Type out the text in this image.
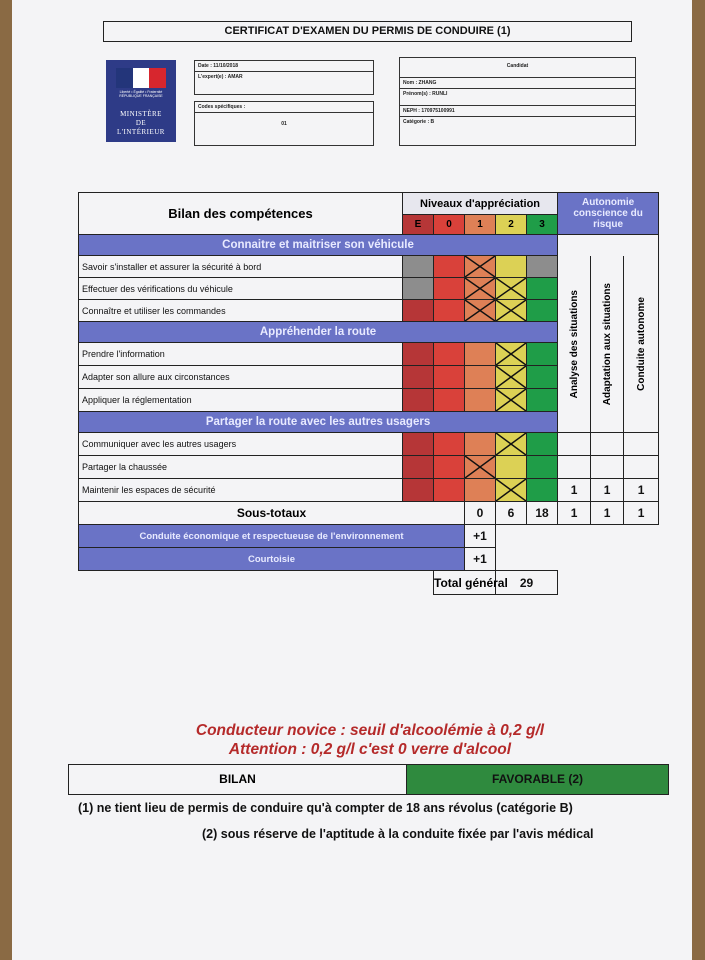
CERTIFICAT D'EXAMEN DU PERMIS DE CONDUIRE (1)
Liberté • Égalité • Fraternité
RÉPUBLIQUE FRANÇAISE
MINISTÈRE
DE
L'INTÉRIEUR
Date : 11/10/2018
L'expert(e) : AMAR
Codes spécifiques :
01
Candidat
Nom : ZHANG
Prénom(s) : RUNLI
NEPH : 170975100991
Catégorie : B
Bilan des compétences	Niveaux d'appréciation					Autonomie conscience du risque		

	E	0	1	2	3			

Connaitre et maitriser son véhicule								

Savoir s'installer et assurer la sécurité à bord						Analyse des situations	Adaptation aux situations	Conduite autonome

Effectuer des vérifications du véhicule

Connaître et utiliser les commandes

Appréhender la route								

Prendre l'information

Adapter son allure aux circonstances

Appliquer la réglementation

Partager la route avec les autres usagers								

Communiquer avec les autres usagers

Partager la chaussée

Maintenir les espaces de sécurité						1	1	1

Sous-totaux			0	6	18	1	1	1

Conduite économique et respectueuse de l'environnement			+1					

Courtoisie			+1					

		Total général		29				

Conducteur novice : seuil d'alcoolémie à 0,2 g/l
Attention : 0,2 g/l c'est 0 verre d'alcool
BILAN	FAVORABLE (2)
(1) ne tient lieu de permis de conduire qu'à compter de 18 ans révolus (catégorie B)
(2) sous réserve de l'aptitude à la conduite fixée par l'avis médical
